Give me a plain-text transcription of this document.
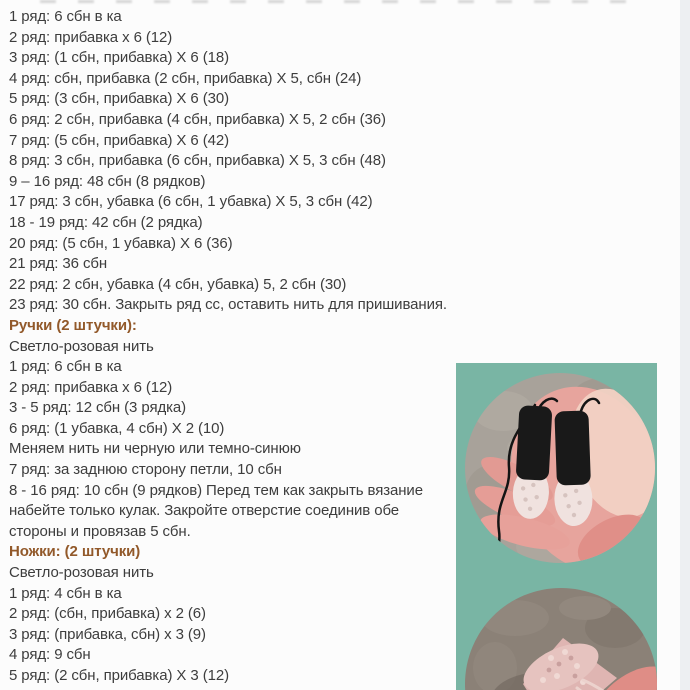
1 ряд: 6 сбн в ка
2 ряд: прибавка х 6 (12)
3 ряд: (1 сбн, прибавка) Х 6 (18)
4 ряд: сбн, прибавка (2 сбн, прибавка) Х 5, сбн (24)
5 ряд: (3 сбн, прибавка) Х 6 (30)
6 ряд: 2 сбн, прибавка (4 сбн, прибавка) Х 5, 2 сбн (36)
7 ряд: (5 сбн, прибавка) Х 6 (42)
8 ряд: 3 сбн, прибавка (6 сбн, прибавка) Х 5, 3 сбн (48)
9 – 16 ряд: 48 сбн (8 рядков)
17 ряд: 3 сбн, убавка (6 сбн, 1 убавка) Х 5, 3 сбн (42)
18 - 19 ряд: 42 сбн (2 рядка)
20 ряд: (5 сбн, 1 убавка) Х 6 (36)
21 ряд: 36 сбн
22 ряд: 2 сбн, убавка (4 сбн, убавка) 5, 2 сбн (30)
23 ряд: 30 сбн. Закрыть ряд сс, оставить нить для пришивания.
Ручки (2 штучки):
Светло-розовая нить
1 ряд: 6 сбн в ка
2 ряд: прибавка х 6 (12)
3 - 5 ряд: 12 сбн (3 рядка)
6 ряд: (1 убавка, 4 сбн) Х 2 (10)
Меняем нить ни черную или темно-синюю
7 ряд: за заднюю сторону петли, 10 сбн
8 - 16 ряд: 10 сбн (9 рядков) Перед тем как закрыть вязание
набейте только кулак. Закройте отверстие соединив обе
стороны и провязав 5 сбн.
Ножки: (2 штучки)
Светло-розовая нить
1 ряд: 4 сбн в ка
2 ряд: (сбн, прибавка) х 2 (6)
3 ряд: (прибавка, сбн) х 3 (9)
4 ряд: 9 сбн
5 ряд: (2 сбн, прибавка) Х 3 (12)
